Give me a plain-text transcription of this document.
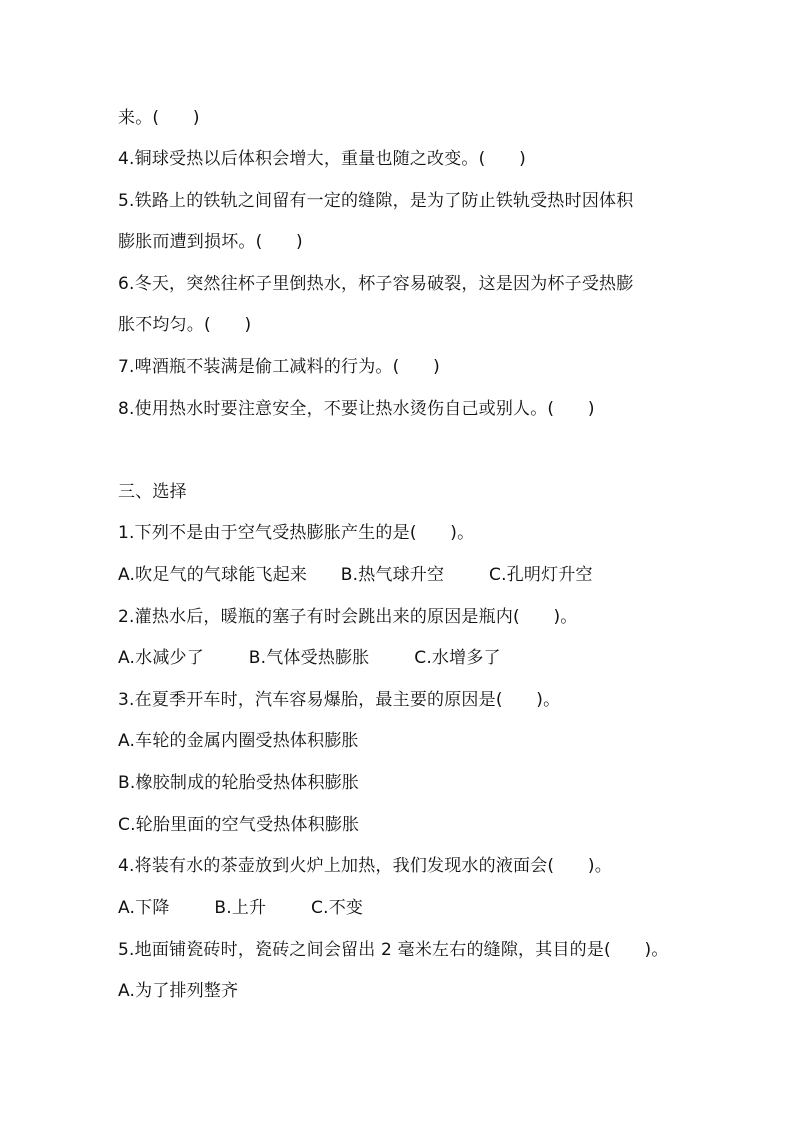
来。(      )
4.铜球受热以后体积会增大，重量也随之改变。(      )
5.铁路上的铁轨之间留有一定的缝隙，是为了防止铁轨受热时因体积
膨胀而遭到损坏。(      )
6.冬天，突然往杯子里倒热水，杯子容易破裂，这是因为杯子受热膨
胀不均匀。(      )
7.啤酒瓶不装满是偷工减料的行为。(      )
8.使用热水时要注意安全，不要让热水烫伤自己或别人。(      )
三、选择
1.下列不是由于空气受热膨胀产生的是(      )。
A.吹足气的气球能飞起来      B.热气球升空        C.孔明灯升空
2.灌热水后，暖瓶的塞子有时会跳出来的原因是瓶内(      )。
A.水减少了        B.气体受热膨胀        C.水增多了
3.在夏季开车时，汽车容易爆胎，最主要的原因是(      )。
A.车轮的金属内圈受热体积膨胀
B.橡胶制成的轮胎受热体积膨胀
C.轮胎里面的空气受热体积膨胀
4.将装有水的茶壶放到火炉上加热，我们发现水的液面会(      )。
A.下降        B.上升        C.不变
5.地面铺瓷砖时，瓷砖之间会留出 2 毫米左右的缝隙，其目的是(      )。
A.为了排列整齐
